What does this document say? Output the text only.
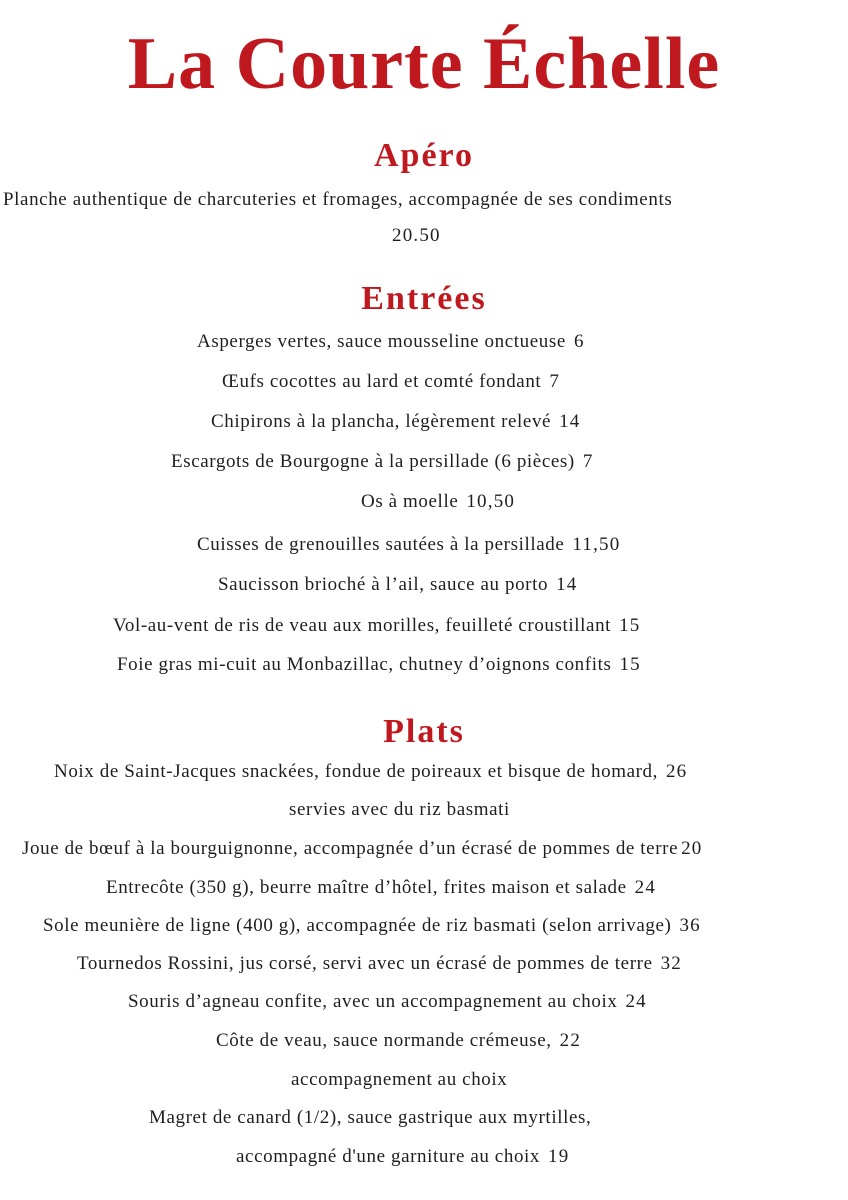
La Courte Échelle
Apéro
Planche authentique de charcuteries et fromages, accompagnée de ses condiments
20.50
Entrées
Asperges vertes, sauce mousseline onctueuse 6
Œufs cocottes au lard et comté fondant 7
Chipirons à la plancha, légèrement relevé 14
Escargots de Bourgogne à la persillade (6 pièces) 7
Os à moelle 10,50
Cuisses de grenouilles sautées à la persillade 11,50
Saucisson brioché à l’ail, sauce au porto 14
Vol-au-vent de ris de veau aux morilles, feuilleté croustillant 15
Foie gras mi-cuit au Monbazillac, chutney d’oignons confits 15
Plats
Noix de Saint-Jacques snackées, fondue de poireaux et bisque de homard, 26
servies avec du riz basmati
Joue de bœuf à la bourguignonne, accompagnée d’un écrasé de pommes de terre 20
Entrecôte (350 g), beurre maître d’hôtel, frites maison et salade 24
Sole meunière de ligne (400 g), accompagnée de riz basmati (selon arrivage) 36
Tournedos Rossini, jus corsé, servi avec un écrasé de pommes de terre 32
Souris d’agneau confite, avec un accompagnement au choix 24
Côte de veau, sauce normande crémeuse, 22
accompagnement au choix
Magret de canard (1/2), sauce gastrique aux myrtilles,
accompagné d'une garniture au choix 19
